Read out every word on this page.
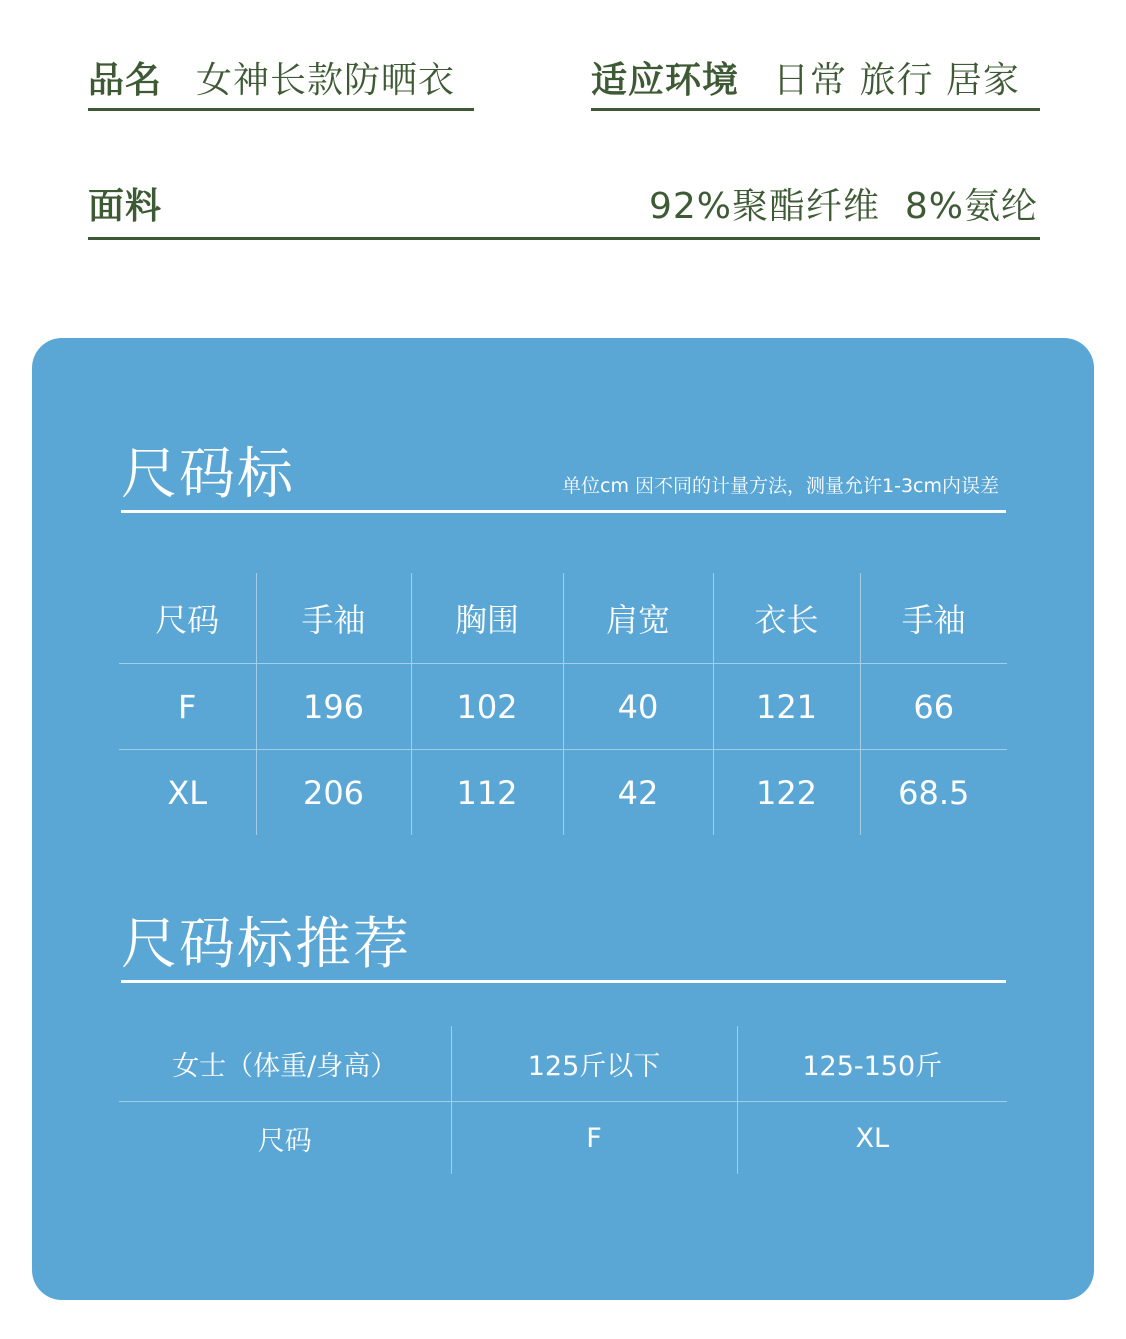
品名 女神长款防晒衣	适应环境 日常 旅行 居家
面料	92%聚酯纤维  8%氨纶
尺码标	单位cm 因不同的计量方法，测量允许1-3cm内误差
尺码	手袖	胸围	肩宽	衣长	手袖
F	196	102	40	121	66
XL	206	112	42	122	68.5
尺码标推荐
女士（体重/身高）	125斤以下	125-150斤
尺码	F	XL
